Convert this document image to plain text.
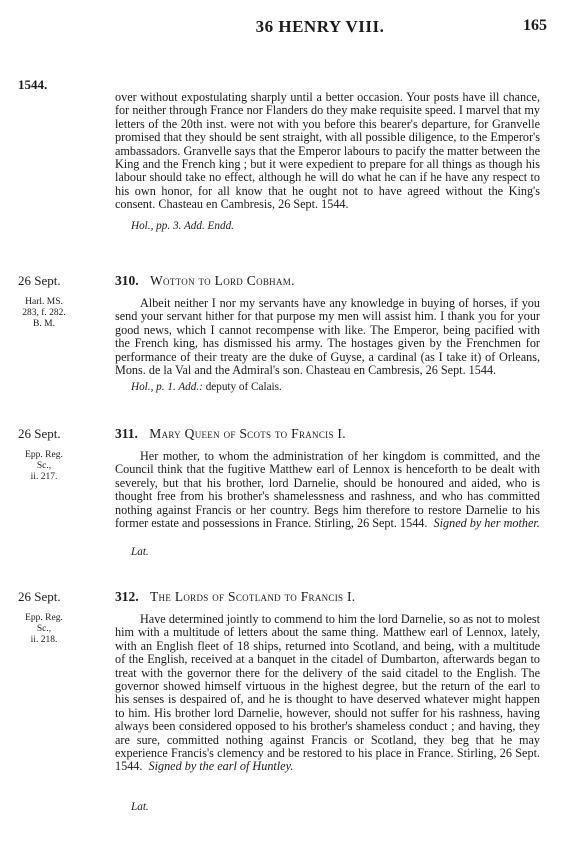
36 HENRY VIII.	165
1544.

over without expostulating sharply until a better occasion. Your posts have ill chance, for neither through France nor Flanders do they make requisite speed. I marvel that my letters of the 20th inst. were not with you before this bearer's departure, for Granvelle promised that they should be sent straight, with all possible diligence, to the Emperor's ambassadors. Granvelle says that the Emperor labours to pacify the matter between the King and the French king ; but it were expedient to prepare for all things as though his labour should take no effect, although he will do what he can if he have any respect to his own honor, for all know that he ought not to have agreed without the King's consent. Chasteau en Cambresis, 26 Sept. 1544.

Hol., pp. 3. Add. Endd.
26 Sept.	310. Wotton to Lord Cobham.
Harl. MS.
283, f. 282.
B. M.

Albeit neither I nor my servants have any knowledge in buying of horses, if you send your servant hither for that purpose my men will assist him. I thank you for your good news, which I cannot recompense with like. The Emperor, being pacified with the French king, has dismissed his army. The hostages given by the Frenchmen for performance of their treaty are the duke of Guyse, a cardinal (as I take it) of Orleans, Mons. de la Val and the Admiral's son. Chasteau en Cambresis, 26 Sept. 1544.

Hol., p. 1. Add.: deputy of Calais.
26 Sept.	311. Mary Queen of Scots to Francis I.
Epp. Reg. Sc.,
ii. 217.

Her mother, to whom the administration of her kingdom is committed, and the Council think that the fugitive Matthew earl of Lennox is henceforth to be dealt with severely, but that his brother, lord Darnelie, should be honoured and aided, who is thought free from his brother's shamelessness and rashness, and who has committed nothing against Francis or her country. Begs him therefore to restore Darnelie to his former estate and possessions in France. Stirling, 26 Sept. 1544. Signed by her mother.

Lat.
26 Sept.	312. The Lords of Scotland to Francis I.
Epp. Reg. Sc.,
ii. 218.

Have determined jointly to commend to him the lord Darnelie, so as not to molest him with a multitude of letters about the same thing. Matthew earl of Lennox, lately, with an English fleet of 18 ships, returned into Scotland, and being, with a multitude of the English, received at a banquet in the citadel of Dumbarton, afterwards began to treat with the governor there for the delivery of the said citadel to the English. The governor showed himself virtuous in the highest degree, but the return of the earl to his senses is despaired of, and he is thought to have deserved whatever might happen to him. His brother lord Darnelie, however, should not suffer for his rashness, having always been considered opposed to his brother's shameless conduct ; and having, they are sure, committed nothing against Francis or Scotland, they beg that he may experience Francis's clemency and be restored to his place in France. Stirling, 26 Sept. 1544. Signed by the earl of Huntley.

Lat.
